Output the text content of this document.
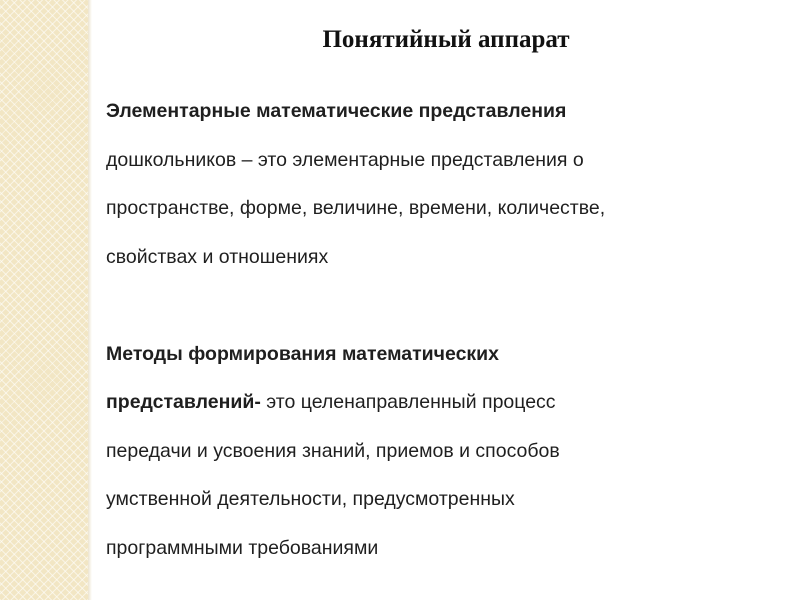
Понятийный аппарат

Элементарные математические представления
дошкольников – это элементарные представления о
пространстве, форме, величине, времени, количестве,
свойствах и отношениях

Методы формирования математических
представлений- это целенаправленный процесс
передачи и усвоения знаний, приемов и способов
умственной деятельности, предусмотренных
программными требованиями
